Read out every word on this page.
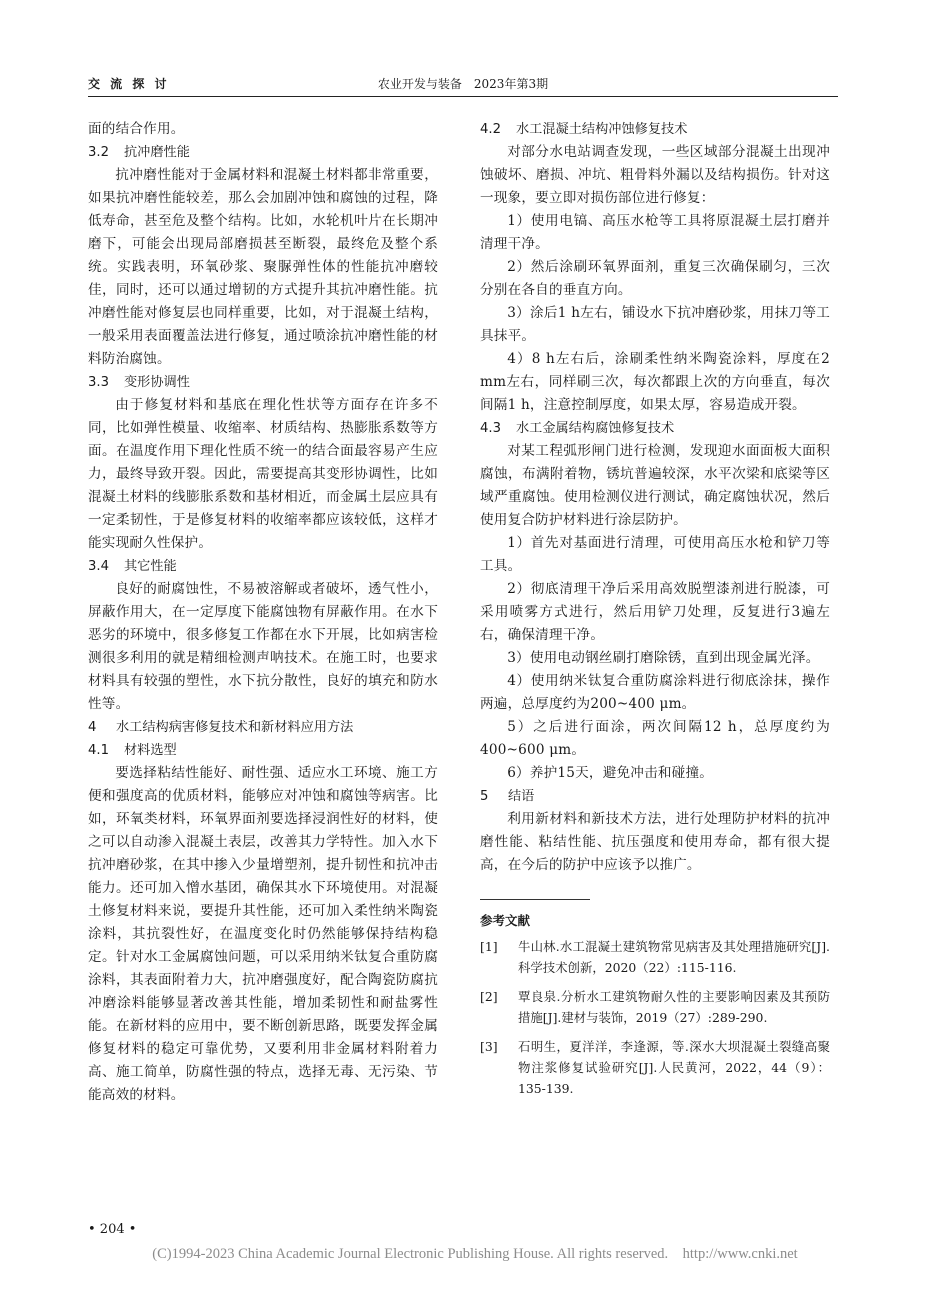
交 流 探 讨	农业开发与装备　2023年第3期

面的结合作用。

3.2 抗冲磨性能

抗冲磨性能对于金属材料和混凝土材料都非常重要，如果抗冲磨性能较差，那么会加剧冲蚀和腐蚀的过程，降低寿命，甚至危及整个结构。比如，水轮机叶片在长期冲磨下，可能会出现局部磨损甚至断裂，最终危及整个系统。实践表明，环氧砂浆、聚脲弹性体的性能抗冲磨较佳，同时，还可以通过增韧的方式提升其抗冲磨性能。抗冲磨性能对修复层也同样重要，比如，对于混凝土结构，一般采用表面覆盖法进行修复，通过喷涂抗冲磨性能的材料防治腐蚀。

3.3 变形协调性

由于修复材料和基底在理化性状等方面存在许多不同，比如弹性模量、收缩率、材质结构、热膨胀系数等方面。在温度作用下理化性质不统一的结合面最容易产生应力，最终导致开裂。因此，需要提高其变形协调性，比如混凝土材料的线膨胀系数和基材相近，而金属土层应具有一定柔韧性，于是修复材料的收缩率都应该较低，这样才能实现耐久性保护。

3.4 其它性能

良好的耐腐蚀性，不易被溶解或者破坏，透气性小，屏蔽作用大，在一定厚度下能腐蚀物有屏蔽作用。在水下恶劣的环境中，很多修复工作都在水下开展，比如病害检测很多利用的就是精细检测声呐技术。在施工时，也要求材料具有较强的塑性，水下抗分散性，良好的填充和防水性等。

4 水工结构病害修复技术和新材料应用方法
4.1 材料选型

要选择粘结性能好、耐性强、适应水工环境、施工方便和强度高的优质材料，能够应对冲蚀和腐蚀等病害。比如，环氧类材料，环氧界面剂要选择浸润性好的材料，使之可以自动渗入混凝土表层，改善其力学特性。加入水下抗冲磨砂浆，在其中掺入少量增塑剂，提升韧性和抗冲击能力。还可加入憎水基团，确保其水下环境使用。对混凝土修复材料来说，要提升其性能，还可加入柔性纳米陶瓷涂料，其抗裂性好，在温度变化时仍然能够保持结构稳定。针对水工金属腐蚀问题，可以采用纳米钛复合重防腐涂料，其表面附着力大，抗冲磨强度好，配合陶瓷防腐抗冲磨涂料能够显著改善其性能，增加柔韧性和耐盐雾性能。在新材料的应用中，要不断创新思路，既要发挥金属修复材料的稳定可靠优势，又要利用非金属材料附着力高、施工简单，防腐性强的特点，选择无毒、无污染、节能高效的材料。

4.2 水工混凝土结构冲蚀修复技术

对部分水电站调查发现，一些区域部分混凝土出现冲蚀破坏、磨损、冲坑、粗骨料外漏以及结构损伤。针对这一现象，要立即对损伤部位进行修复：

1）使用电镐、高压水枪等工具将原混凝土层打磨并清理干净。

2）然后涂刷环氧界面剂，重复三次确保刷匀，三次分别在各自的垂直方向。

3）涂后1 h左右，铺设水下抗冲磨砂浆，用抹刀等工具抹平。

4）8 h左右后，涂刷柔性纳米陶瓷涂料，厚度在2　mm左右，同样刷三次，每次都跟上次的方向垂直，每次间隔1 h，注意控制厚度，如果太厚，容易造成开裂。

4.3 水工金属结构腐蚀修复技术

对某工程弧形闸门进行检测，发现迎水面面板大面积腐蚀，布满附着物，锈坑普遍较深，水平次梁和底梁等区域严重腐蚀。使用检测仪进行测试，确定腐蚀状况，然后使用复合防护材料进行涂层防护。

1）首先对基面进行清理，可使用高压水枪和铲刀等工具。

2）彻底清理干净后采用高效脱塑漆剂进行脱漆，可采用喷雾方式进行，然后用铲刀处理，反复进行3遍左右，确保清理干净。

3）使用电动钢丝刷打磨除锈，直到出现金属光泽。

4）使用纳米钛复合重防腐涂料进行彻底涂抹，操作两遍，总厚度约为200~400 μm。

5）之后进行面涂，两次间隔12 h，总厚度约为400~600 μm。

6）养护15天，避免冲击和碰撞。

5 结语

利用新材料和新技术方法，进行处理防护材料的抗冲磨性能、粘结性能、抗压强度和使用寿命，都有很大提高，在今后的防护中应该予以推广。

参考文献
[1] 牛山林.水工混凝土建筑物常见病害及其处理措施研究[J].科学技术创新，2020（22）:115-116.
[2] 覃良泉.分析水工建筑物耐久性的主要影响因素及其预防措施[J].建材与装饰，2019（27）:289-290.
[3] 石明生，夏洋洋，李逢源，等.深水大坝混凝土裂缝高聚物注浆修复试验研究[J].人民黄河，2022，44（9）：135-139.
• 204 •
(C)1994-2023 China Academic Journal Electronic Publishing House. All rights reserved.　http://www.cnki.net
